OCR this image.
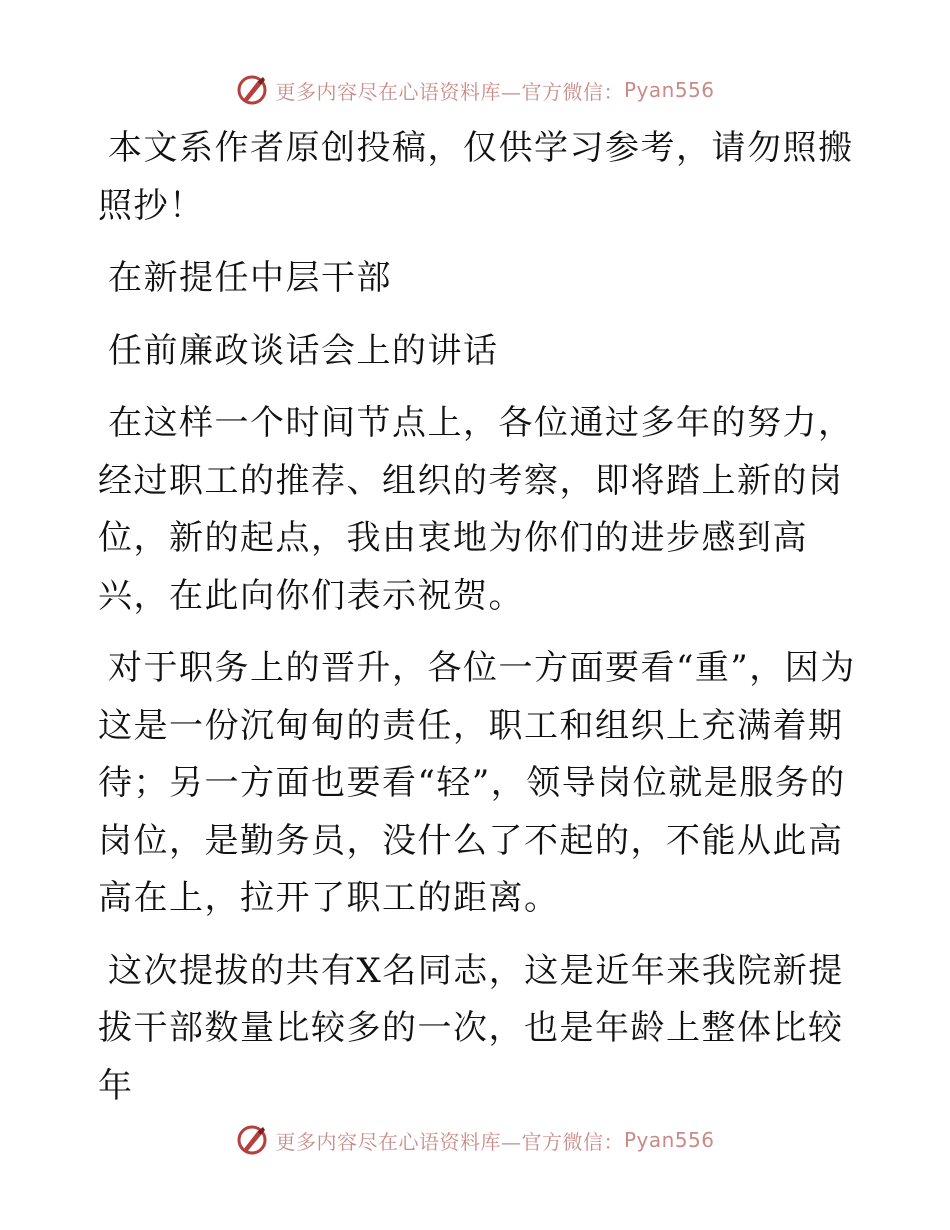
更多内容尽在心语资料库—官方微信： Pyan556

本文系作者原创投稿，仅供学习参考，请勿照搬照抄！

在新提任中层干部

任前廉政谈话会上的讲话

在这样一个时间节点上，各位通过多年的努力，经过职工的推荐、组织的考察，即将踏上新的岗位，新的起点，我由衷地为你们的进步感到高兴，在此向你们表示祝贺。

对于职务上的晋升，各位一方面要看“重”，因为这是一份沉甸甸的责任，职工和组织上充满着期待；另一方面也要看“轻”，领导岗位就是服务的岗位，是勤务员，没什么了不起的，不能从此高高在上，拉开了职工的距离。

这次提拔的共有X名同志，这是近年来我院新提拔干部数量比较多的一次，也是年龄上整体比较年

更多内容尽在心语资料库—官方微信： Pyan556
